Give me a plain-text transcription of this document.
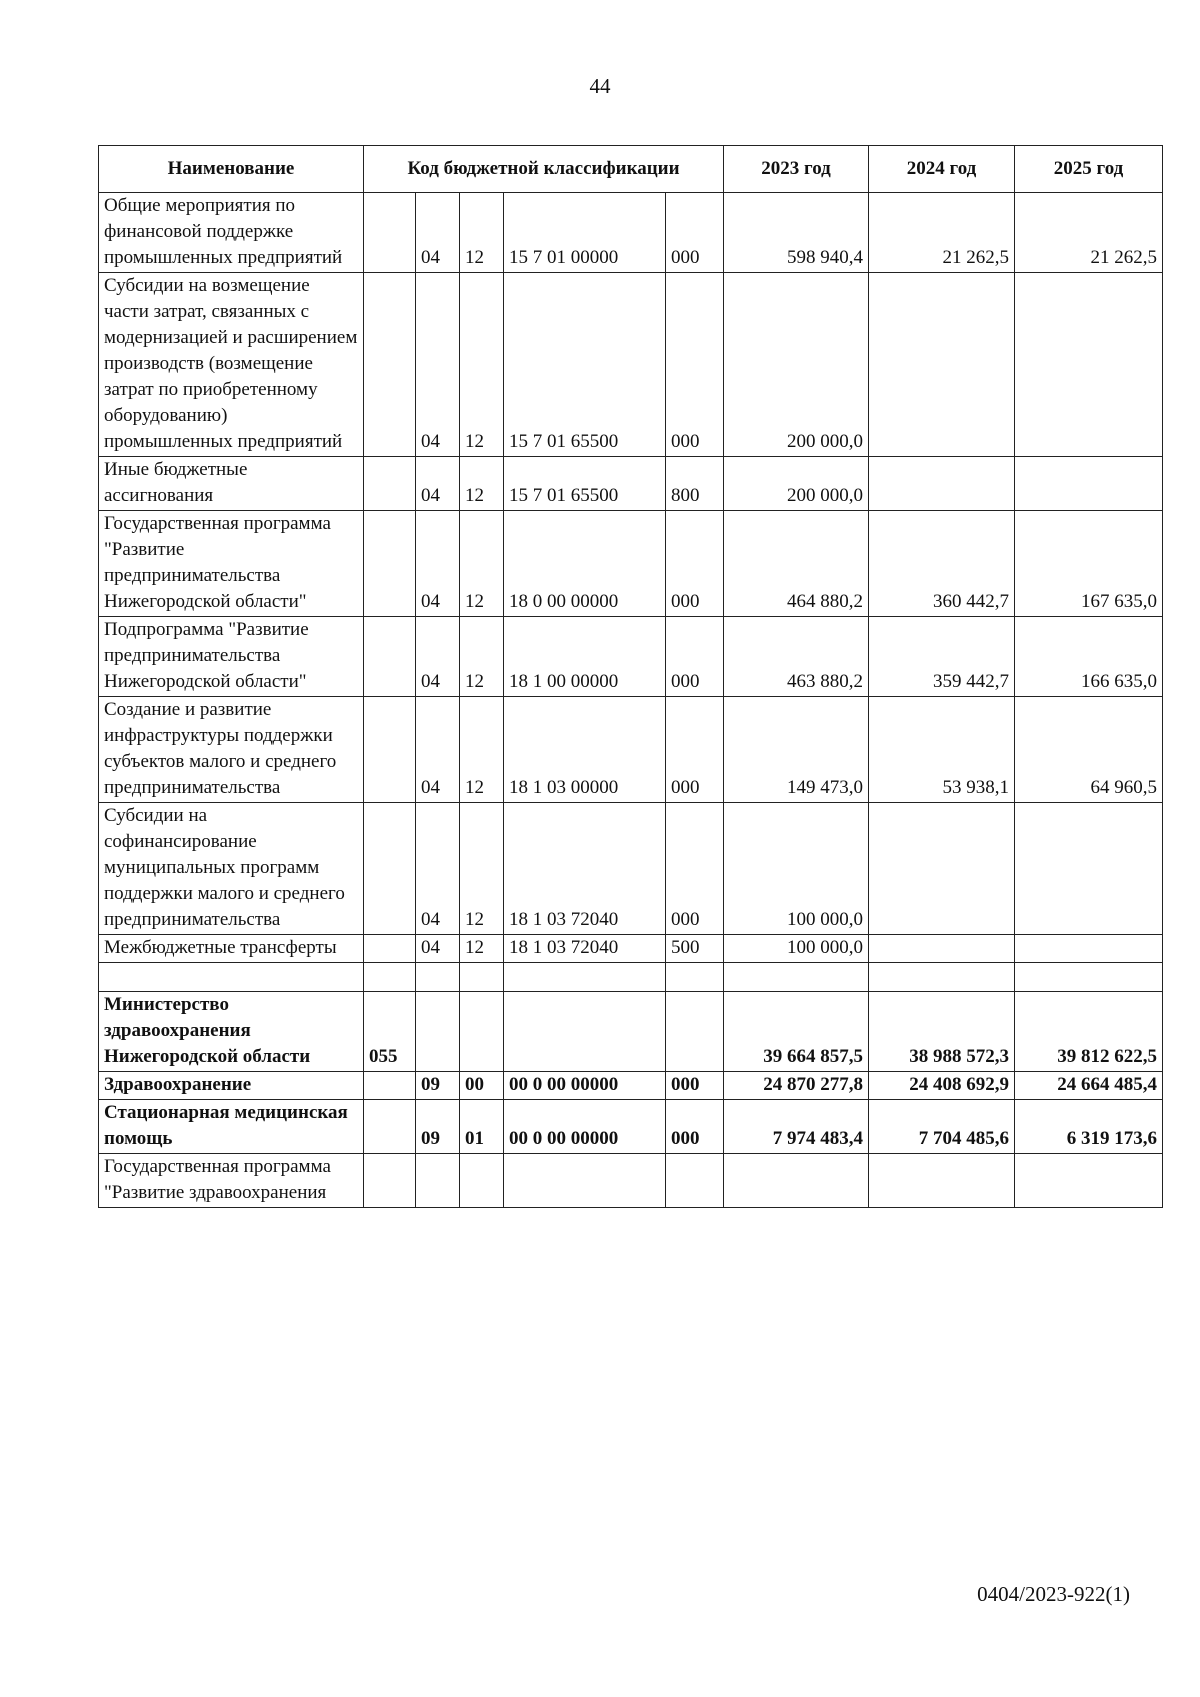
44
Наименование	Код бюджетной классификации					2023 год	2024 год	2025 год
Общие мероприятия по финансовой поддержке промышленных предприятий		04	12	15 7 01 00000	000	598 940,4	21 262,5	21 262,5
Субсидии на возмещение части затрат, связанных с модернизацией и расширением производств (возмещение затрат по приобретенному оборудованию) промышленных предприятий		04	12	15 7 01 65500	000	200 000,0		
Иные бюджетные ассигнования		04	12	15 7 01 65500	800	200 000,0		
Государственная программа "Развитие предпринимательства Нижегородской области"		04	12	18 0 00 00000	000	464 880,2	360 442,7	167 635,0
Подпрограмма "Развитие предпринимательства Нижегородской области"		04	12	18 1 00 00000	000	463 880,2	359 442,7	166 635,0
Создание и развитие инфраструктуры поддержки субъектов малого и среднего предпринимательства		04	12	18 1 03 00000	000	149 473,0	53 938,1	64 960,5
Субсидии на софинансирование муниципальных программ поддержки малого и среднего предпринимательства		04	12	18 1 03 72040	000	100 000,0		
Межбюджетные трансферты		04	12	18 1 03 72040	500	100 000,0		

Министерство здравоохранения Нижегородской области	055					39 664 857,5	38 988 572,3	39 812 622,5
Здравоохранение		09	00	00 0 00 00000	000	24 870 277,8	24 408 692,9	24 664 485,4
Стационарная медицинская помощь		09	01	00 0 00 00000	000	7 974 483,4	7 704 485,6	6 319 173,6
Государственная программа "Развитие здравоохранения								
0404/2023-922(1)
